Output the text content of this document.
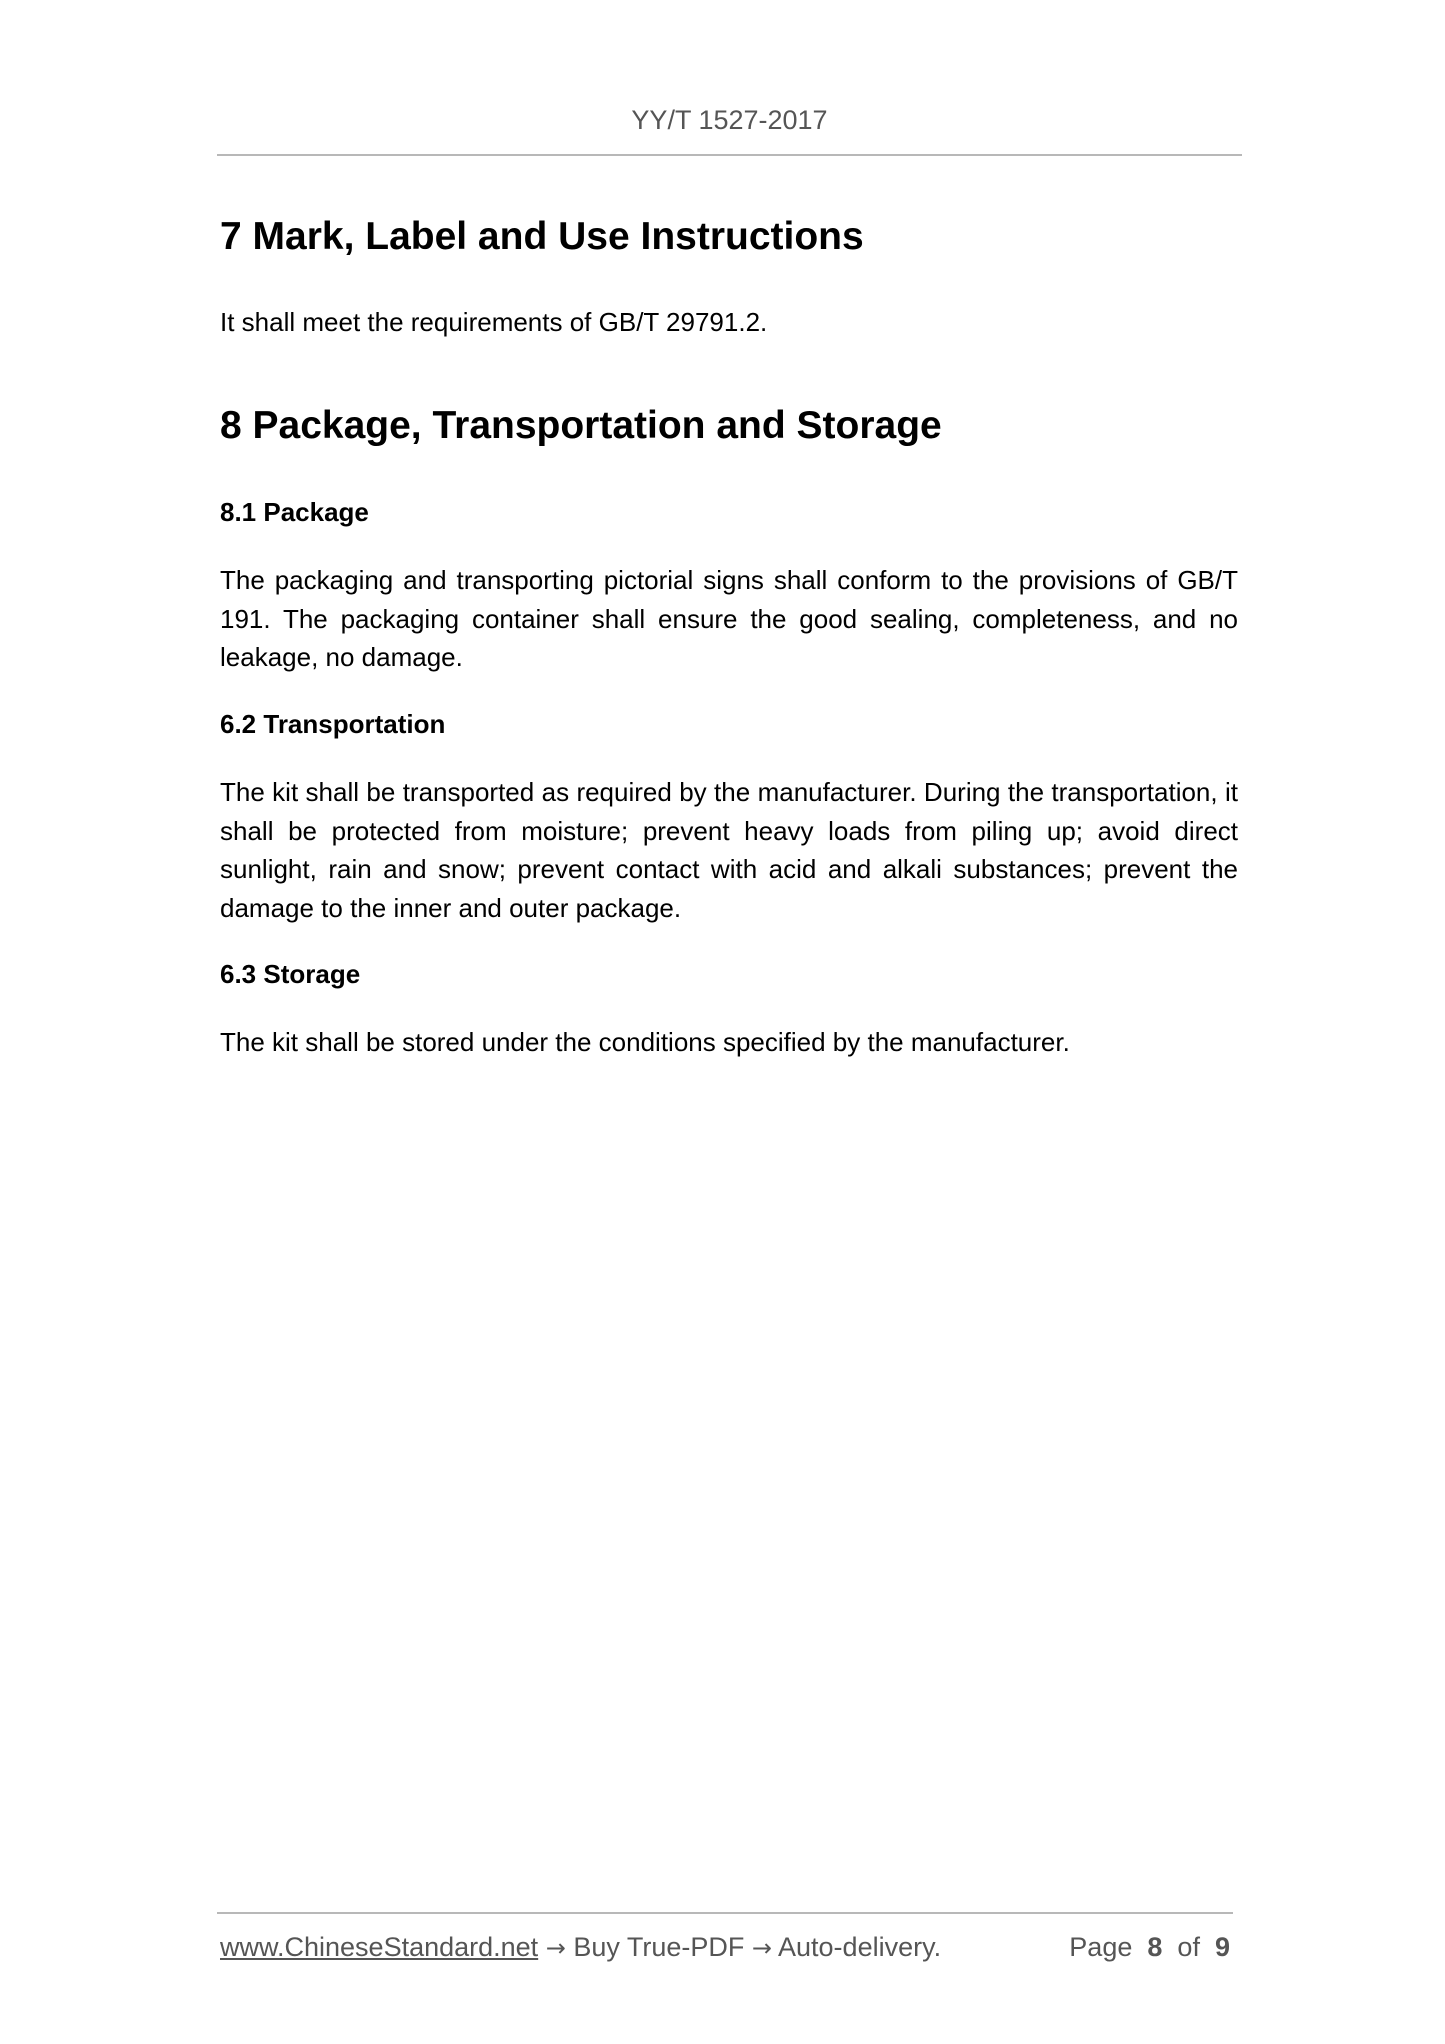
YY/T 1527-2017
7 Mark, Label and Use Instructions
It shall meet the requirements of GB/T 29791.2.
8 Package, Transportation and Storage
8.1 Package
The packaging and transporting pictorial signs shall conform to the provisions of GB/T 191. The packaging container shall ensure the good sealing, completeness, and no leakage, no damage.
6.2 Transportation
The kit shall be transported as required by the manufacturer. During the transportation, it shall be protected from moisture; prevent heavy loads from piling up; avoid direct sunlight, rain and snow; prevent contact with acid and alkali substances; prevent the damage to the inner and outer package.
6.3 Storage
The kit shall be stored under the conditions specified by the manufacturer.
www.ChineseStandard.net → Buy True-PDF → Auto-delivery.	Page 8 of 9
